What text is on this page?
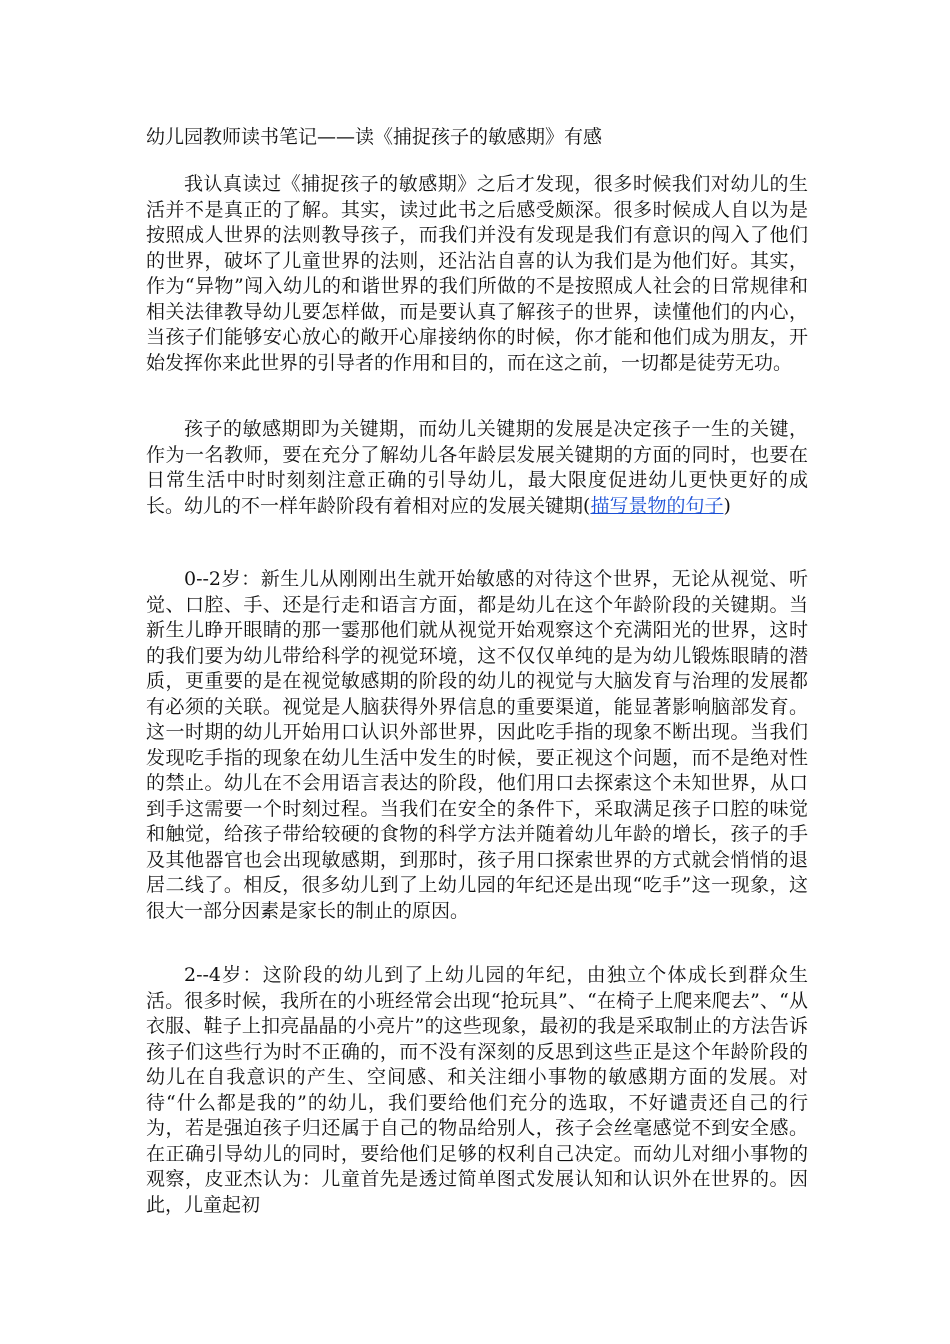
幼儿园教师读书笔记——读《捕捉孩子的敏感期》有感

我认真读过《捕捉孩子的敏感期》之后才发现，很多时候我们对幼儿的生活并不是真正的了解。其实，读过此书之后感受颇深。很多时候成人自以为是按照成人世界的法则教导孩子，而我们并没有发现是我们有意识的闯入了他们的世界，破坏了儿童世界的法则，还沾沾自喜的认为我们是为他们好。其实，作为“异物”闯入幼儿的和谐世界的我们所做的不是按照成人社会的日常规律和相关法律教导幼儿要怎样做，而是要认真了解孩子的世界，读懂他们的内心，当孩子们能够安心放心的敞开心扉接纳你的时候，你才能和他们成为朋友，开始发挥你来此世界的引导者的作用和目的，而在这之前，一切都是徒劳无功。

孩子的敏感期即为关键期，而幼儿关键期的发展是决定孩子一生的关键，作为一名教师，要在充分了解幼儿各年龄层发展关键期的方面的同时，也要在日常生活中时时刻刻注意正确的引导幼儿，最大限度促进幼儿更快更好的成长。幼儿的不一样年龄阶段有着相对应的发展关键期(描写景物的句子)

0--2岁：新生儿从刚刚出生就开始敏感的对待这个世界，无论从视觉、听觉、口腔、手、还是行走和语言方面，都是幼儿在这个年龄阶段的关键期。当新生儿睁开眼睛的那一霎那他们就从视觉开始观察这个充满阳光的世界，这时的我们要为幼儿带给科学的视觉环境，这不仅仅单纯的是为幼儿锻炼眼睛的潜质，更重要的是在视觉敏感期的阶段的幼儿的视觉与大脑发育与治理的发展都有必须的关联。视觉是人脑获得外界信息的重要渠道，能显著影响脑部发育。这一时期的幼儿开始用口认识外部世界，因此吃手指的现象不断出现。当我们发现吃手指的现象在幼儿生活中发生的时候，要正视这个问题，而不是绝对性的禁止。幼儿在不会用语言表达的阶段，他们用口去探索这个未知世界，从口到手这需要一个时刻过程。当我们在安全的条件下，采取满足孩子口腔的味觉和触觉，给孩子带给较硬的食物的科学方法并随着幼儿年龄的增长，孩子的手及其他器官也会出现敏感期，到那时，孩子用口探索世界的方式就会悄悄的退居二线了。相反，很多幼儿到了上幼儿园的年纪还是出现“吃手”这一现象，这很大一部分因素是家长的制止的原因。

2--4岁：这阶段的幼儿到了上幼儿园的年纪，由独立个体成长到群众生活。很多时候，我所在的小班经常会出现“抢玩具”、“在椅子上爬来爬去”、“从衣服、鞋子上扣亮晶晶的小亮片”的这些现象，最初的我是采取制止的方法告诉孩子们这些行为时不正确的，而不没有深刻的反思到这些正是这个年龄阶段的幼儿在自我意识的产生、空间感、和关注细小事物的敏感期方面的发展。对待“什么都是我的”的幼儿，我们要给他们充分的选取，不好谴责还自己的行为，若是强迫孩子归还属于自己的物品给别人，孩子会丝毫感觉不到安全感。在正确引导幼儿的同时，要给他们足够的权利自己决定。而幼儿对细小事物的观察，皮亚杰认为：儿童首先是透过简单图式发展认知和认识外在世界的。因此，儿童起初
